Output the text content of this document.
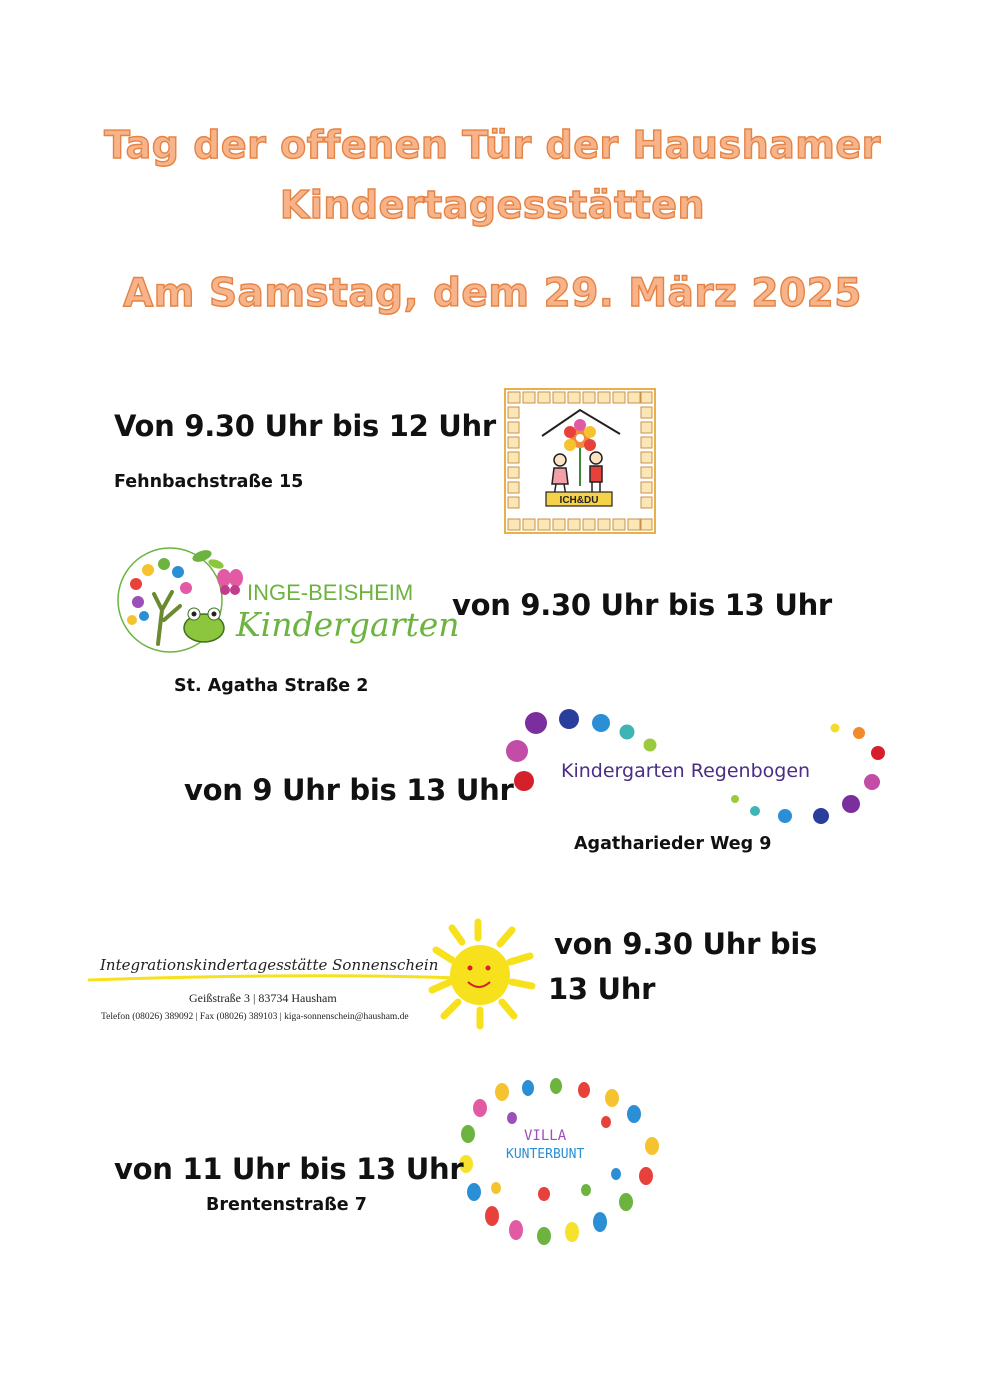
Tag der offenen Tür der Haushamer
Kindertagesstätten
Am Samstag, dem 29. März 2025
Von 9.30 Uhr bis 12 Uhr
Fehnbachstraße 15
ICH&DU
INGE-BEISHEIM
Kindergarten
von 9.30 Uhr bis 13 Uhr
St. Agatha Straße 2
von 9 Uhr bis 13 Uhr
Kindergarten Regenbogen
Agatharieder Weg 9
Integrationskindertagesstätte Sonnenschein
Geißstraße 3 | 83734 Hausham
Telefon (08026) 389092 | Fax (08026) 389103 | kiga-sonnenschein@hausham.de
von 9.30 Uhr bis
13 Uhr
VILLA
KUNTERBUNT
von 11 Uhr bis 13 Uhr
Brentenstraße 7
